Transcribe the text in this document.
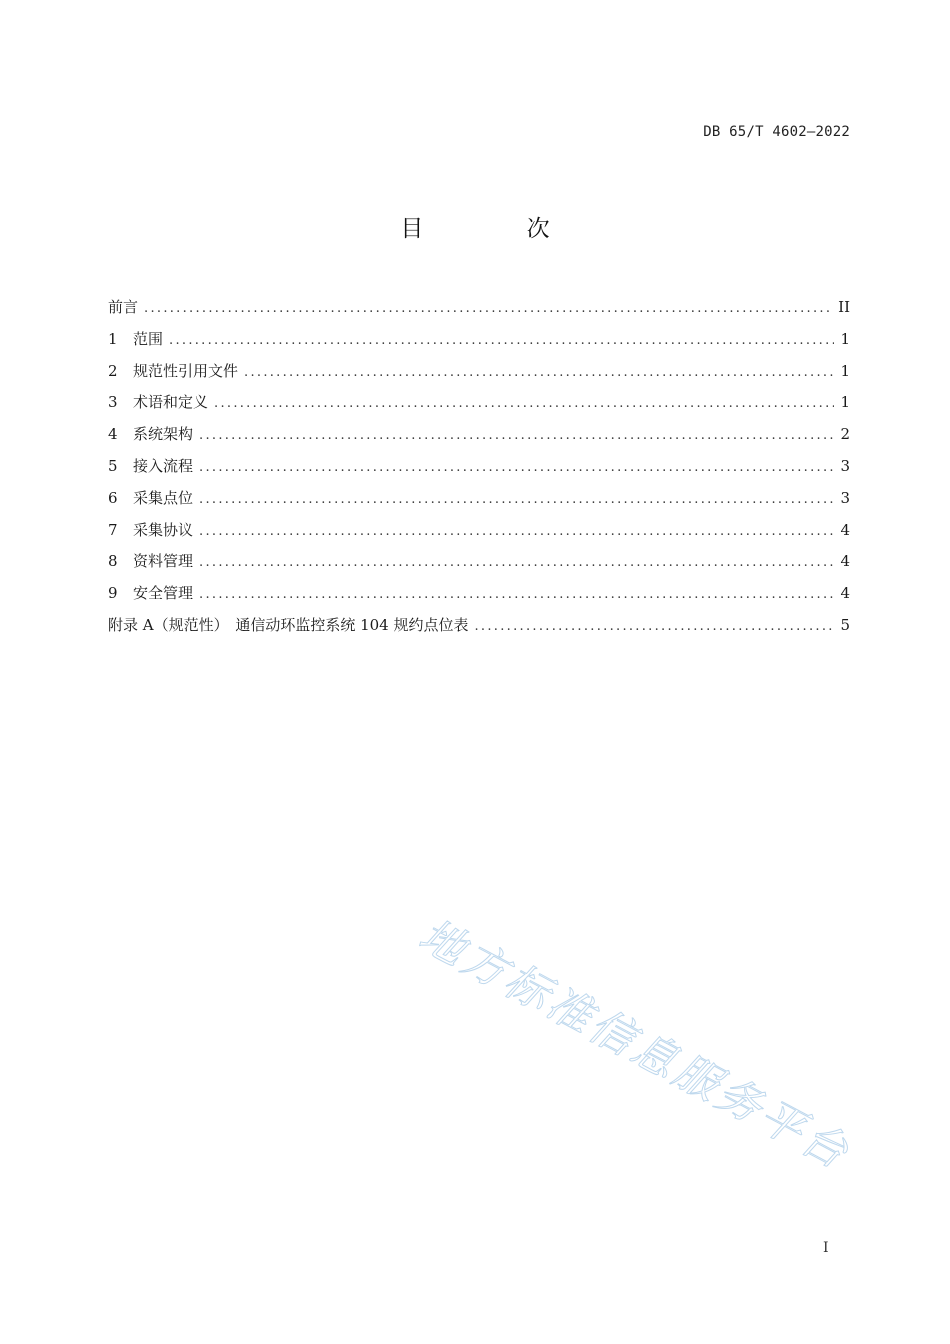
DB 65/T 4602—2022
目 次
前言 .....	II
1	范围 .....	1
2	规范性引用文件 .....	1
3	术语和定义 .....	1
4	系统架构 .....	2
5	接入流程 .....	3
6	采集点位 .....	3
7	采集协议 .....	4
8	资料管理 .....	4
9	安全管理 .....	4
附录 A（规范性） 通信动环监控系统 104 规约点位表 .....	5
地方标准信息服务平台
I
